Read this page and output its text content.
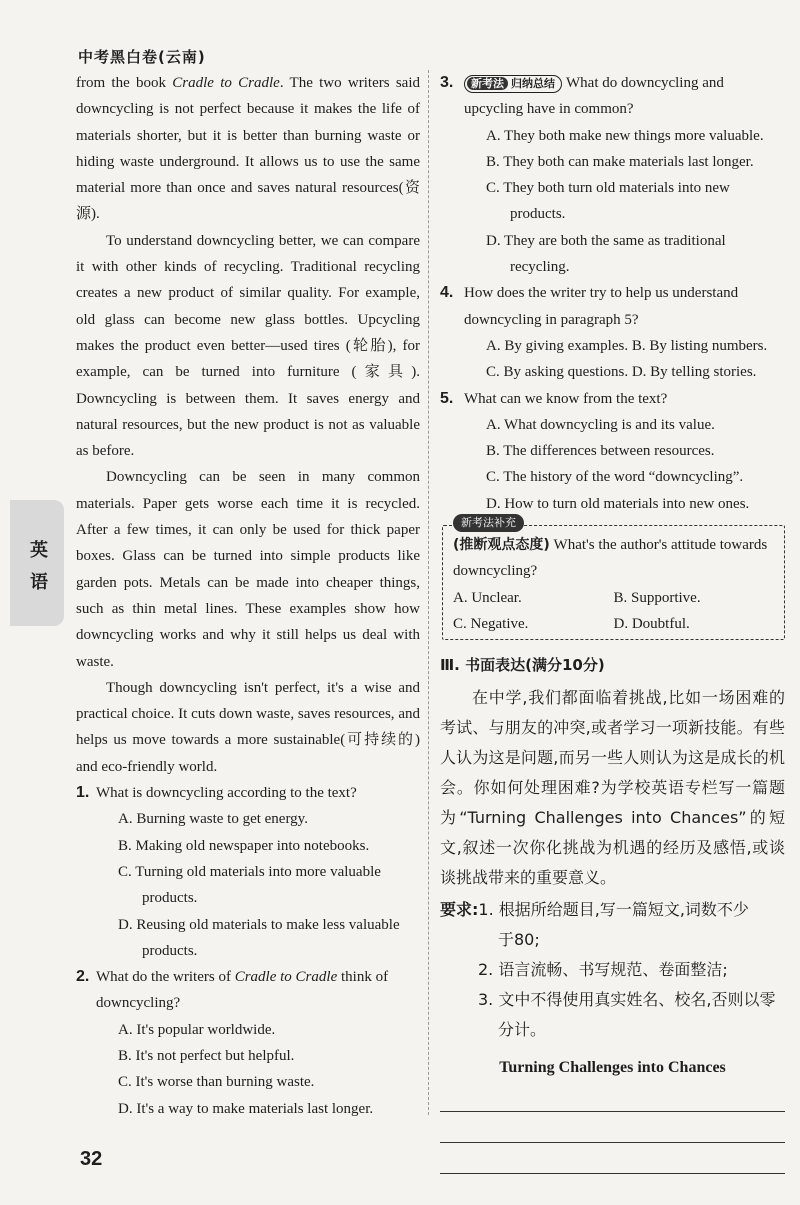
中考黑白卷(云南)
英
语

from the book Cradle to Cradle. The two writers said downcycling is not perfect because it makes the life of materials shorter, but it is better than burning waste or hiding waste underground. It allows us to use the same material more than once and saves natural resources(资源).

To understand downcycling better, we can compare it with other kinds of recycling. Traditional recycling creates a new product of similar quality. For example, old glass can become new glass bottles. Upcycling makes the product even better—used tires (轮胎), for example, can be turned into furniture (家具). Downcycling is between them. It saves energy and natural resources, but the new product is not as valuable as before.

Downcycling can be seen in many common materials. Paper gets worse each time it is recycled. After a few times, it can only be used for thick paper boxes. Glass can be turned into simple products like garden pots. Metals can be made into cheaper things, such as thin metal lines. These examples show how downcycling works and why it still helps us deal with waste.

Though downcycling isn't perfect, it's a wise and practical choice. It cuts down waste, saves resources, and helps us move towards a more sustainable(可持续的) and eco-friendly world.

1. What is downcycling according to the text?
A. Burning waste to get energy.
B. Making old newspaper into notebooks.
C. Turning old materials into more valuable products.
D. Reusing old materials to make less valuable products.
2. What do the writers of Cradle to Cradle think of downcycling?
A. It's popular worldwide.
B. It's not perfect but helpful.
C. It's worse than burning waste.
D. It's a way to make materials last longer.
3.	新考法 归纳总结 What do downcycling and upcycling have in common?
A. They both make new things more valuable.
B. They both can make materials last longer.
C. They both turn old materials into new products.
D. They are both the same as traditional recycling.
4. How does the writer try to help us understand downcycling in paragraph 5?
A. By giving examples. B. By listing numbers.
C. By asking questions. D. By telling stories.
5. What can we know from the text?
A. What downcycling is and its value.
B. The differences between resources.
C. The history of the word “downcycling”.
D. How to turn old materials into new ones.
新考法补充
(推断观点态度) What's the author's attitude towards downcycling?
A. Unclear.	B. Supportive.
C. Negative.	D. Doubtful.
Ⅲ. 书面表达(满分10分)

在中学,我们都面临着挑战,比如一场困难的考试、与朋友的冲突,或者学习一项新技能。有些人认为这是问题,而另一些人则认为这是成长的机会。你如何处理困难?为学校英语专栏写一篇题为“Turning Challenges into Chances”的短文,叙述一次你化挑战为机遇的经历及感悟,或谈谈挑战带来的重要意义。

要求: 1. 根据所给题目,写一篇短文,词数不少
于80;
2. 语言流畅、书写规范、卷面整洁;
3. 文中不得使用真实姓名、校名,否则以零
分计。
Turning Challenges into Chances
32
